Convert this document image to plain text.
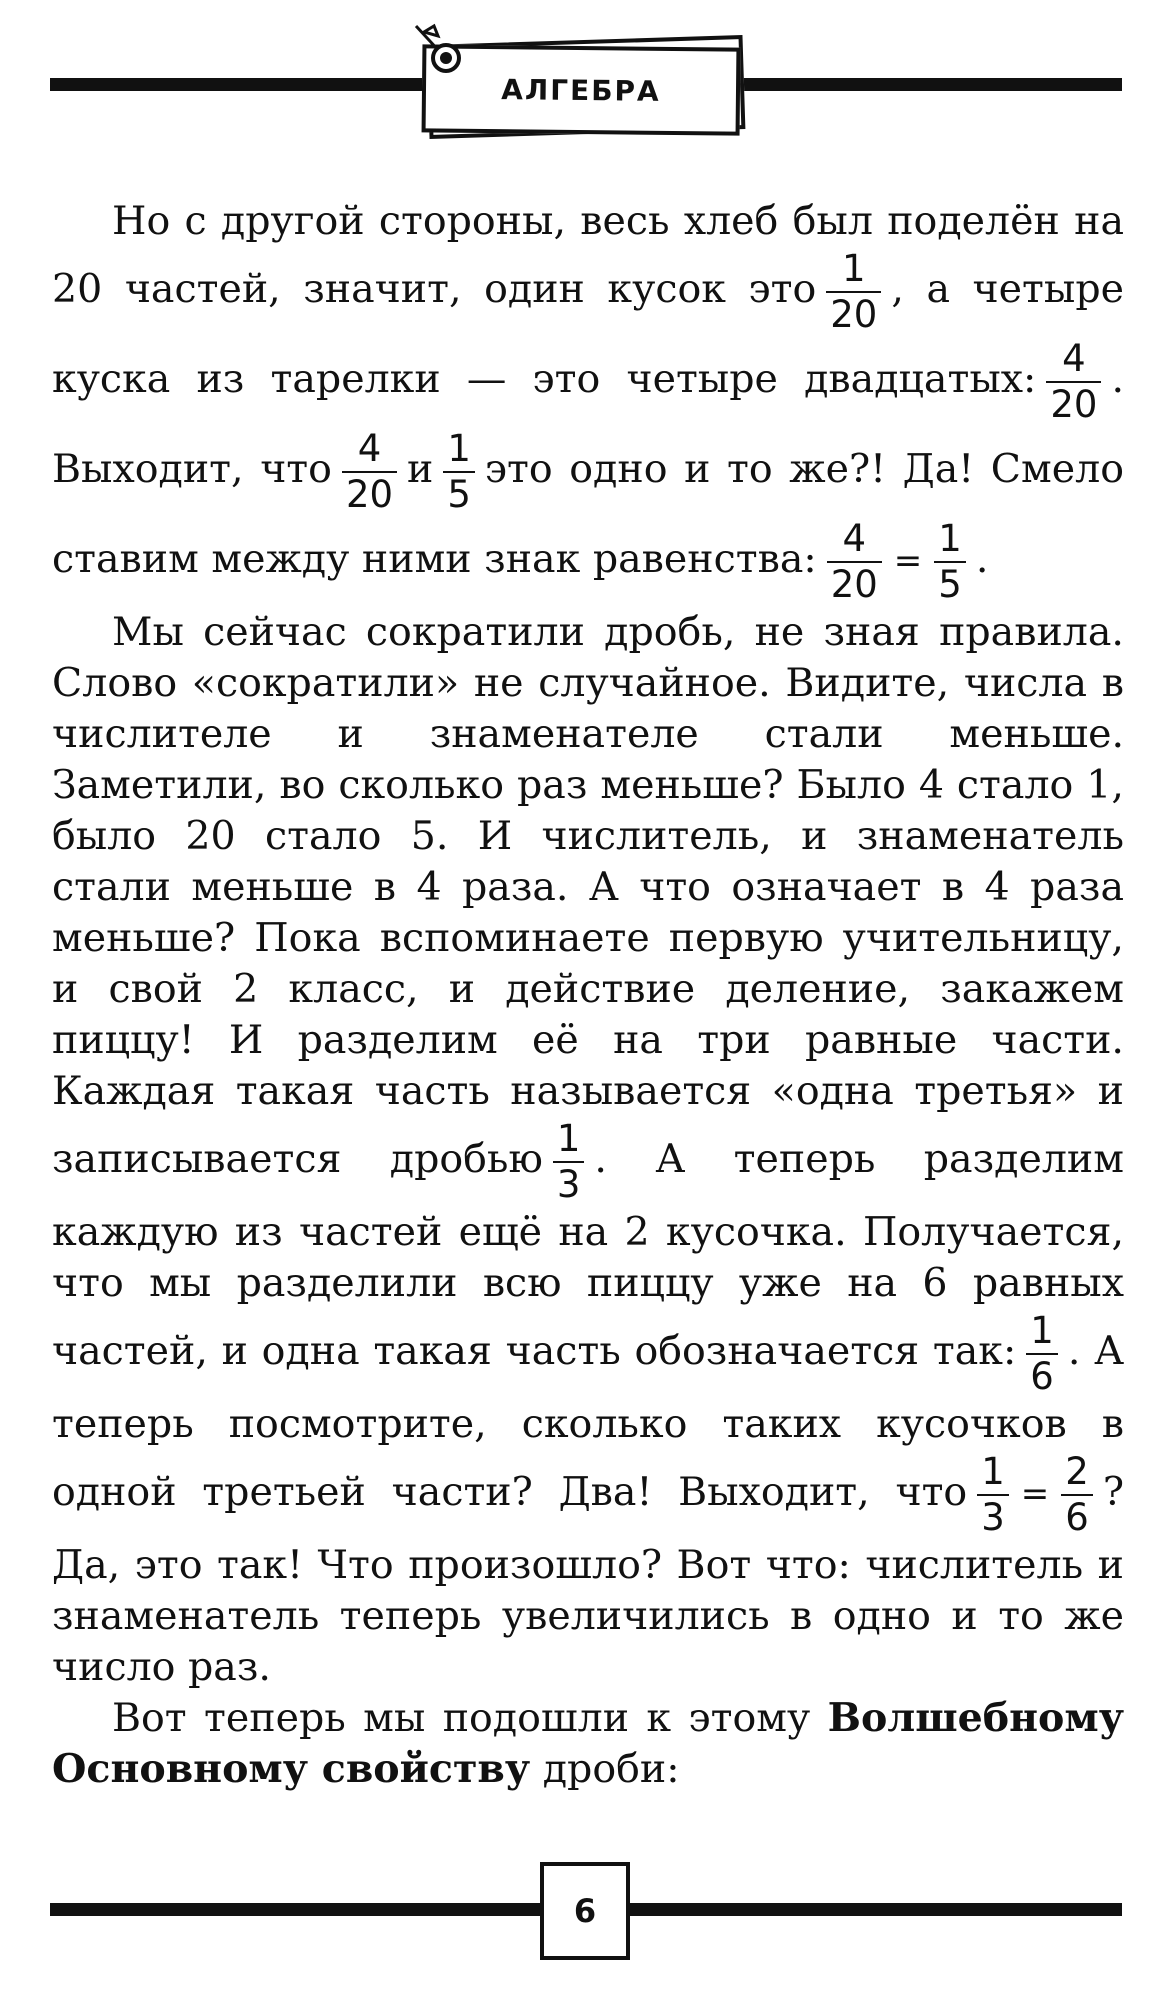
АЛГЕБРА

Но с другой стороны, весь хлеб был поделён на 20 частей, значит, один кусок это $\frac{1}{20}$ , а четыре куска из тарелки — это четыре двадцатых: $\frac{4}{20}$ . Выходит, что $\frac{4}{20}$ и $\frac{1}{5}$ это одно и то же?! Да! Смело ставим между ними знак равенства: $\frac{4}{20} = \frac{1}{5}$ .

Мы сейчас сократили дробь, не зная правила. Слово «сократили» не случайное. Видите, числа в числителе и знаменателе стали меньше. Заметили, во сколько раз меньше? Было 4 стало 1, было 20 стало 5. И числитель, и знаменатель стали меньше в 4 раза. А что означает в 4 раза меньше? Пока вспоминаете первую учительницу, и свой 2 класс, и действие деление, закажем пиццу! И разделим её на три равные части. Каждая такая часть называется «одна третья» и записывается дробью $\frac{1}{3}$ . А теперь разделим каждую из частей ещё на 2 кусочка. Получается, что мы разделили всю пиццу уже на 6 равных частей, и одна такая часть обозначается так: $\frac{1}{6}$ . А теперь посмотрите, сколько таких кусочков в одной третьей части? Два! Выходит, что $\frac{1}{3} = \frac{2}{6}$ ? Да, это так! Что произошло? Вот что: числитель и знаменатель теперь увеличились в одно и то же число раз.

Вот теперь мы подошли к этому Волшебному Основному свойству дроби:

6
